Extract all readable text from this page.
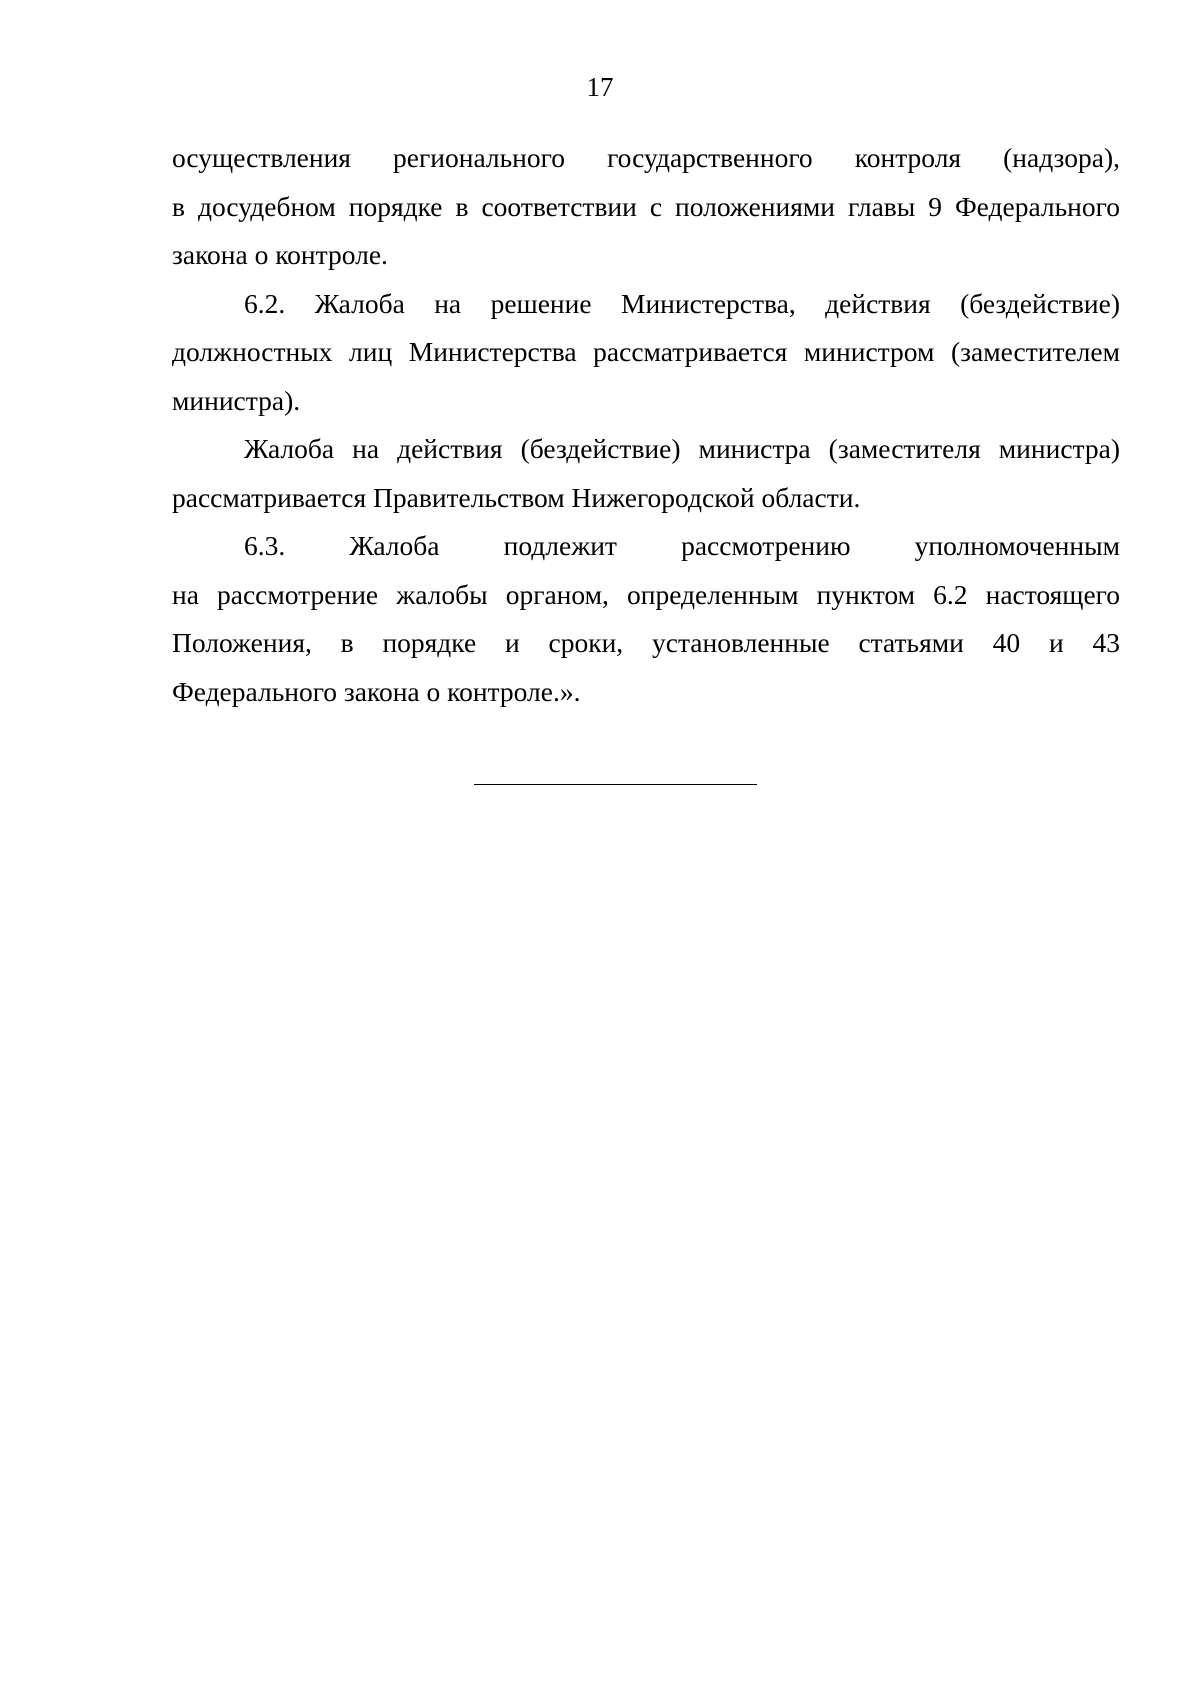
17

осуществления регионального государственного контроля (надзора),
в досудебном порядке в соответствии с положениями главы 9 Федерального
закона о контроле.

6.2. Жалоба на решение Министерства, действия (бездействие)
должностных лиц Министерства рассматривается министром (заместителем
министра).

Жалоба на действия (бездействие) министра (заместителя министра)
рассматривается Правительством Нижегородской области.

6.3. Жалоба подлежит рассмотрению уполномоченным
на рассмотрение жалобы органом, определенным пунктом 6.2 настоящего
Положения, в порядке и сроки, установленные статьями 40 и 43
Федерального закона о контроле.».
